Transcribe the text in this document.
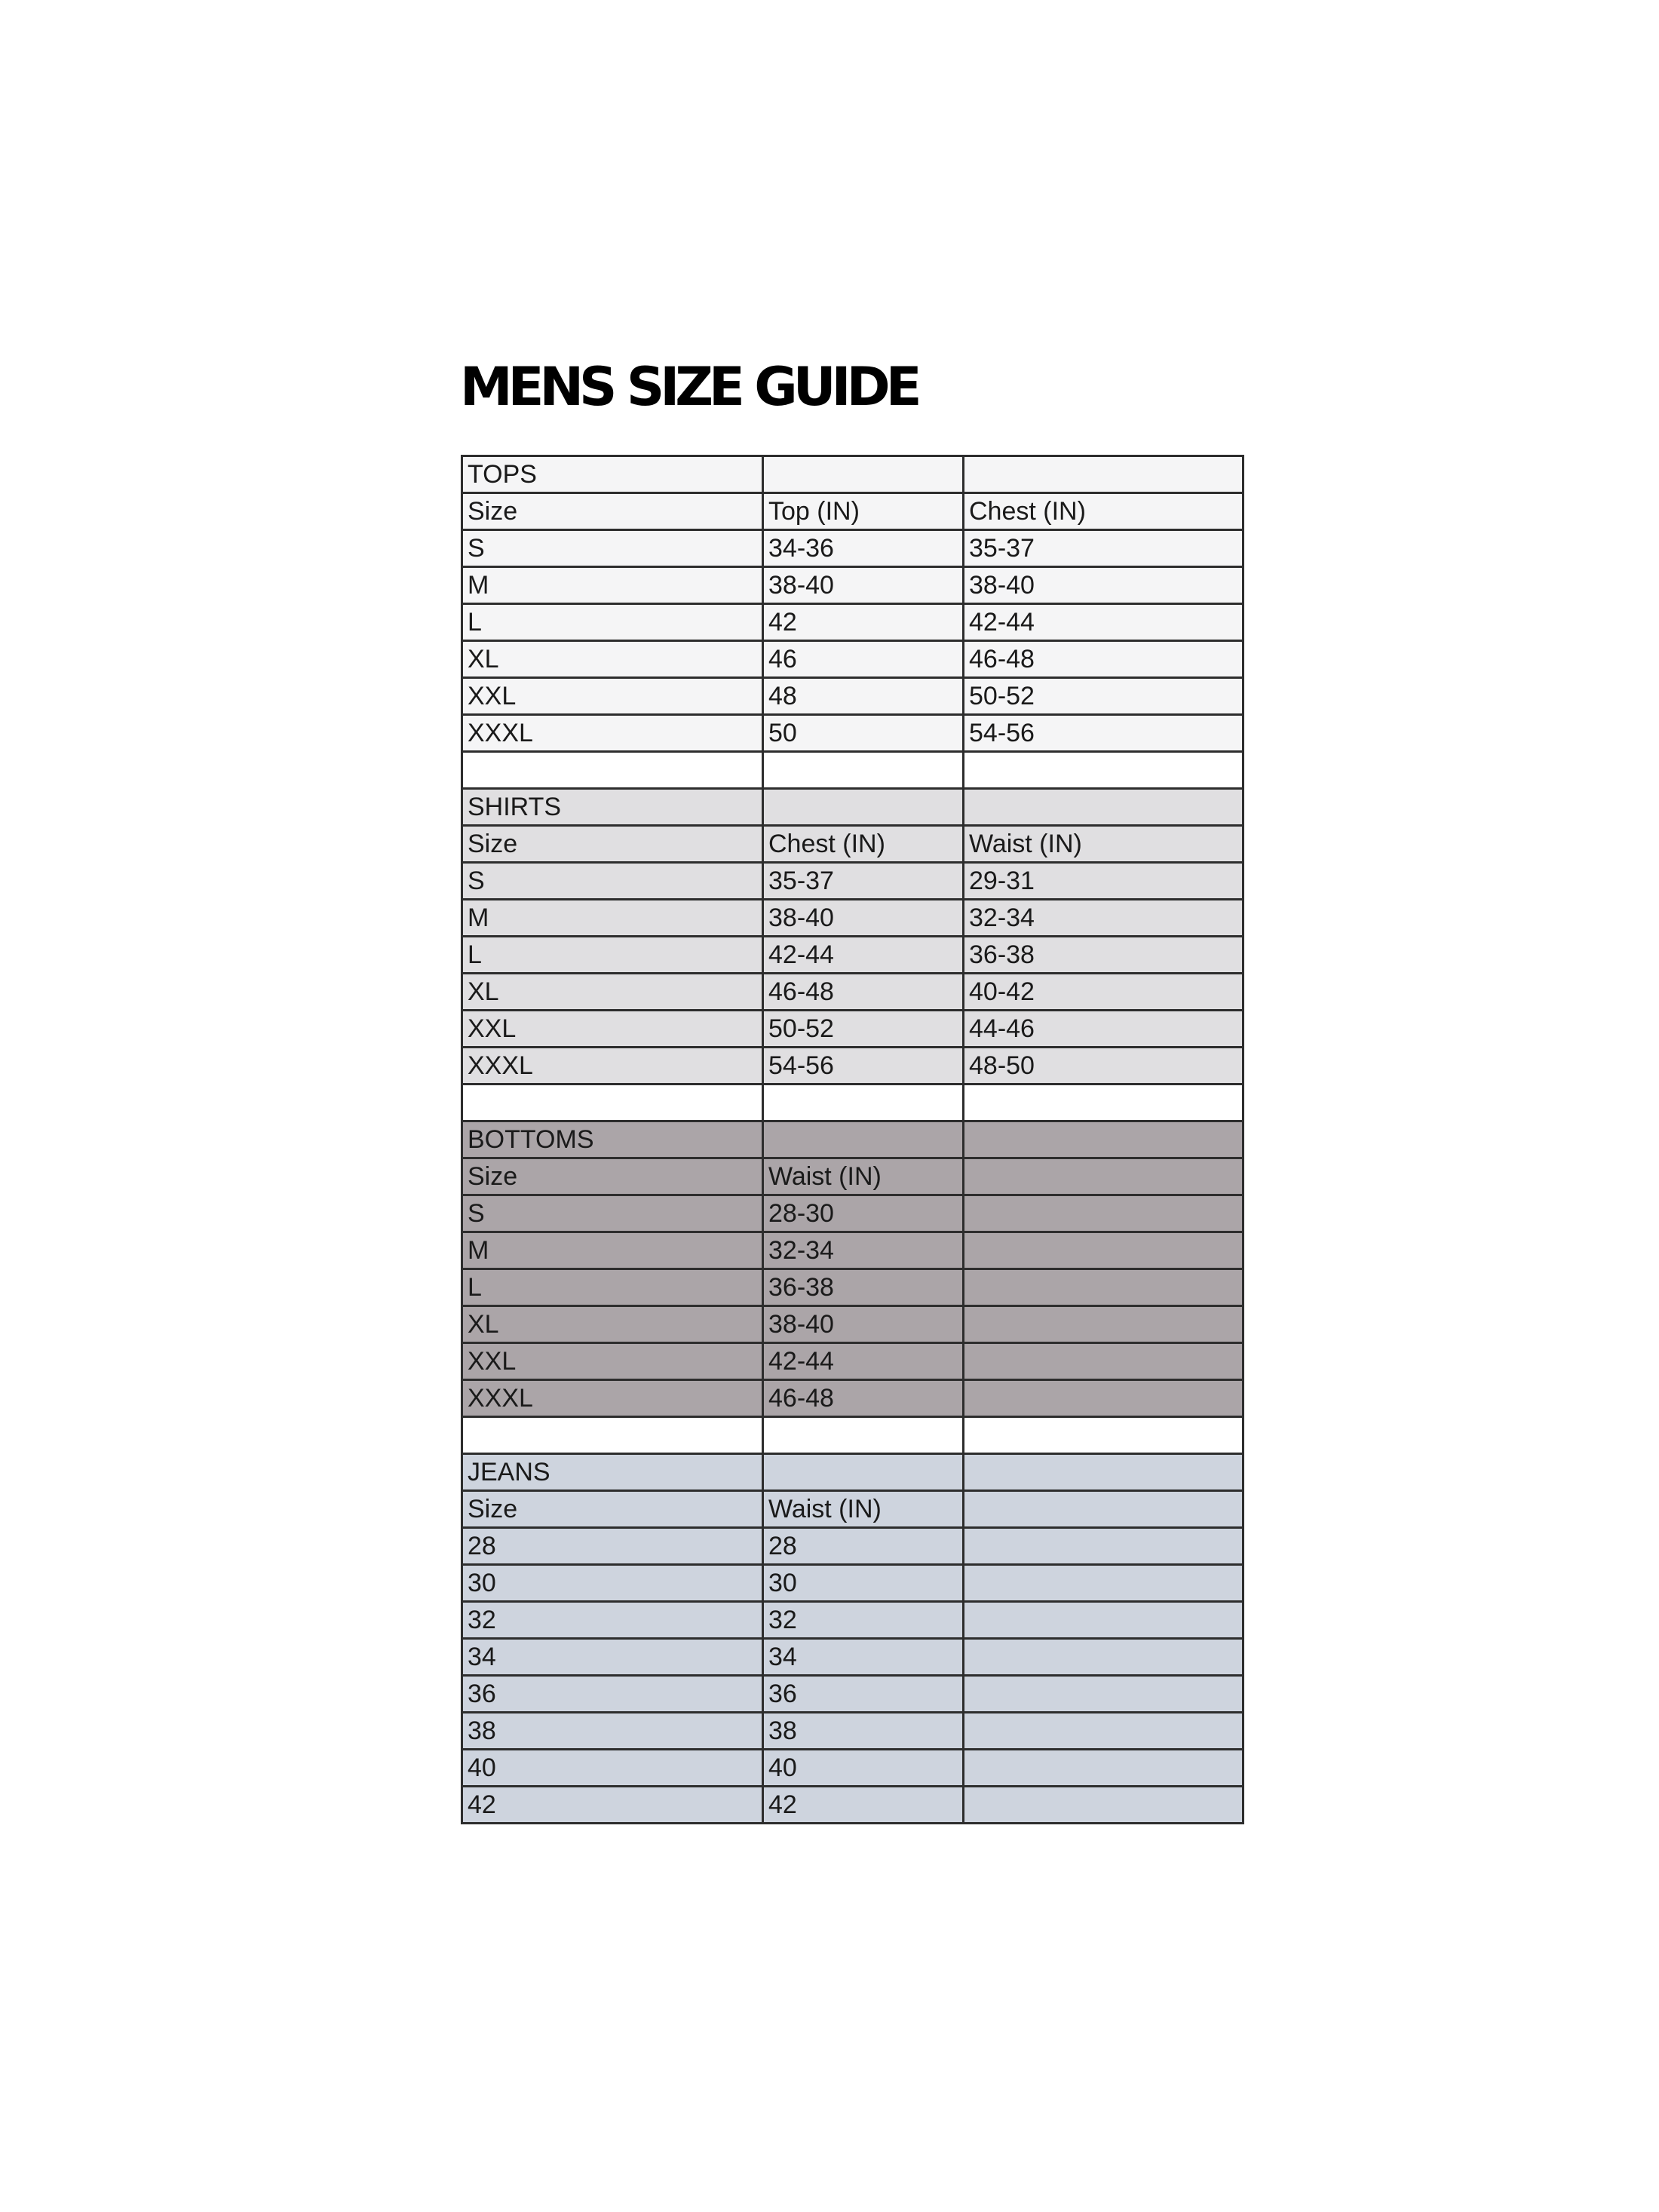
MENS SIZE GUIDE
TOPS		
Size	Top (IN)	Chest (IN)
S	34-36	35-37
M	38-40	38-40
L	42	42-44
XL	46	46-48
XXL	48	50-52
XXXL	50	54-56

SHIRTS		
Size	Chest (IN)	Waist (IN)
S	35-37	29-31
M	38-40	32-34
L	42-44	36-38
XL	46-48	40-42
XXL	50-52	44-46
XXXL	54-56	48-50

BOTTOMS		
Size	Waist (IN)	
S	28-30	
M	32-34	
L	36-38	
XL	38-40	
XXL	42-44	
XXXL	46-48	

JEANS		
Size	Waist (IN)	
28	28	
30	30	
32	32	
34	34	
36	36	
38	38	
40	40	
42	42	
